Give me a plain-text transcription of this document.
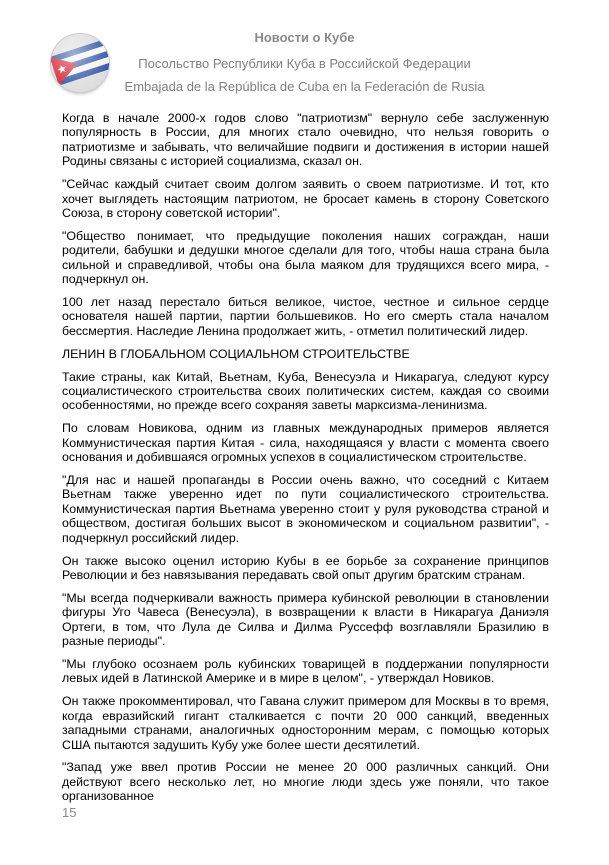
Новости о Кубе
Посольство Республики Куба в Российской Федерации
Embajada de la República de Cuba en la Federación de Rusia

Когда в начале 2000-х годов слово "патриотизм" вернуло себе заслуженную популярность в России, для многих стало очевидно, что нельзя говорить о патриотизме и забывать, что величайшие подвиги и достижения в истории нашей Родины связаны с историей социализма, сказал он.

"Сейчас каждый считает своим долгом заявить о своем патриотизме. И тот, кто хочет выглядеть настоящим патриотом, не бросает камень в сторону Советского Союза, в сторону советской истории".

"Общество понимает, что предыдущие поколения наших сограждан, наши родители, бабушки и дедушки многое сделали для того, чтобы наша страна была сильной и справедливой, чтобы она была маяком для трудящихся всего мира, - подчеркнул он.

100 лет назад перестало биться великое, чистое, честное и сильное сердце основателя нашей партии, партии большевиков. Но его смерть стала началом бессмертия. Наследие Ленина продолжает жить, - отметил политический лидер.

ЛЕНИН В ГЛОБАЛЬНОМ СОЦИАЛЬНОМ СТРОИТЕЛЬСТВЕ

Такие страны, как Китай, Вьетнам, Куба, Венесуэла и Никарагуа, следуют курсу социалистического строительства своих политических систем, каждая со своими особенностями, но прежде всего сохраняя заветы марксизма-ленинизма.

По словам Новикова, одним из главных международных примеров является Коммунистическая партия Китая - сила, находящаяся у власти с момента своего основания и добившаяся огромных успехов в социалистическом строительстве.

"Для нас и нашей пропаганды в России очень важно, что соседний с Китаем Вьетнам также уверенно идет по пути социалистического строительства. Коммунистическая партия Вьетнама уверенно стоит у руля руководства страной и обществом, достигая больших высот в экономическом и социальном развитии", - подчеркнул российский лидер.

Он также высоко оценил историю Кубы в ее борьбе за сохранение принципов Революции и без навязывания передавать свой опыт другим братским странам.

"Мы всегда подчеркивали важность примера кубинской революции в становлении фигуры Уго Чавеса (Венесуэла), в возвращении к власти в Никарагуа Даниэля Ортеги, в том, что Лула де Силва и Дилма Руссефф возглавляли Бразилию в разные периоды".

"Мы глубоко осознаем роль кубинских товарищей в поддержании популярности левых идей в Латинской Америке и в мире в целом", - утверждал Новиков.

Он также прокомментировал, что Гавана служит примером для Москвы в то время, когда евразийский гигант сталкивается с почти 20 000 санкций, введенных западными странами, аналогичных односторонним мерам, с помощью которых США пытаются задушить Кубу уже более шести десятилетий.

"Запад уже ввел против России не менее 20 000 различных санкций. Они действуют всего несколько лет, но многие люди здесь уже поняли, что такое организованное

15
